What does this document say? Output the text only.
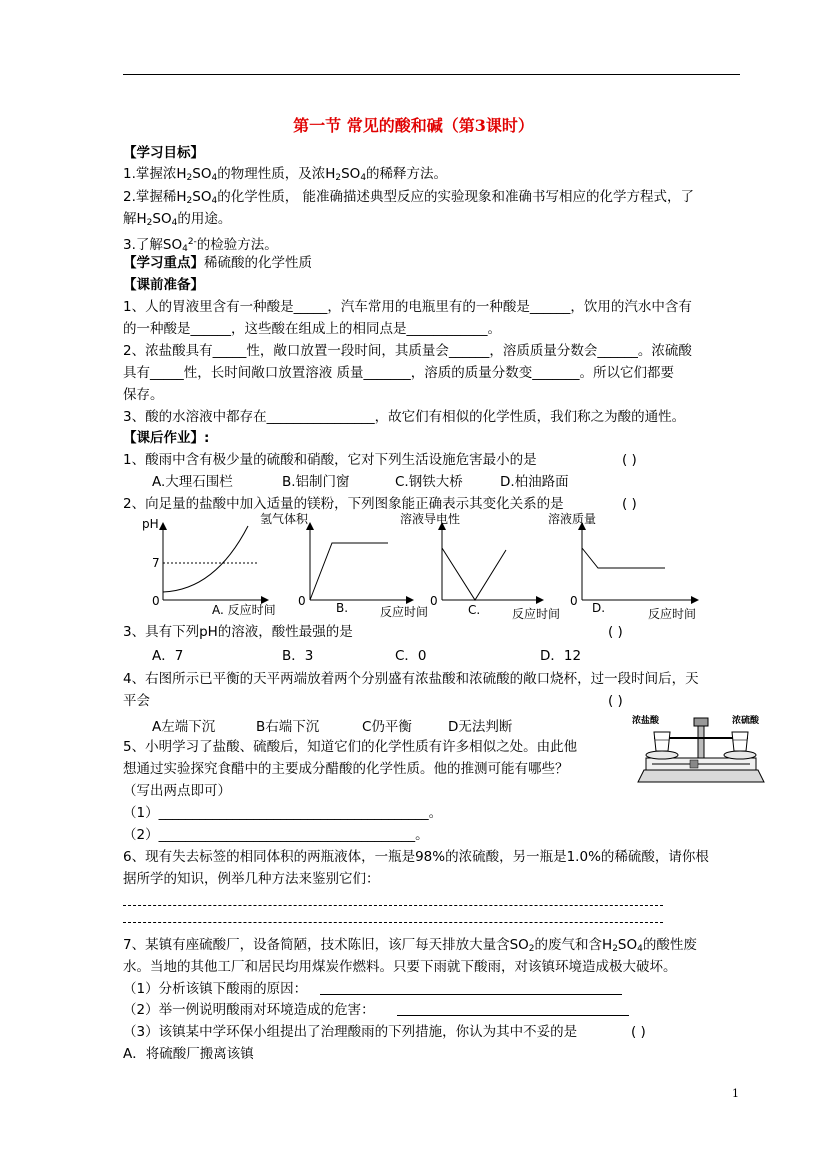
第一节 常见的酸和碱（第3课时）
【学习目标】
1.掌握浓$H_2SO_4$的物理性质，及浓$H_2SO_4$的稀释方法。
2.掌握稀$H_2SO_4$的化学性质， 能准确描述典型反应的实验现象和准确书写相应的化学方程式，了
解$H_2SO_4$的用途。
3.了解$SO_4^{2-}$的检验方法。
【学习重点】稀硫酸的化学性质
【课前准备】
1、人的胃液里含有一种酸是_____，汽车常用的电瓶里有的一种酸是______，饮用的汽水中含有
的一种酸是______，这些酸在组成上的相同点是____________。
2、浓盐酸具有_____性，敞口放置一段时间，其质量会______，溶质质量分数会______。浓硫酸
具有_____性，长时间敞口放置溶液 质量_______，溶质的质量分数变_______。所以它们都要
保存。
3、酸的水溶液中都存在________________，故它们有相似的化学性质，我们称之为酸的通性。
【课后作业】:
1、酸雨中含有极少量的硫酸和硝酸，它对下列生活设施危害最小的是	( )
A.大理石围栏	B.铝制门窗	C.钢铁大桥	D.柏油路面
2、向足量的盐酸中加入适量的镁粉，下列图象能正确表示其变化关系的是	( )
pH
7
0
A. 反应时间
氢气体积
0	B.	反应时间
溶液导电性
0
C.	反应时间
溶液质量
0 D.	反应时间
3、具有下列pH的溶液，酸性最强的是	( )
A．7	B．3	C．0	D．12
4、右图所示已平衡的天平两端放着两个分别盛有浓盐酸和浓硫酸的敞口烧杯，过一段时间后，天
平会	( )
A左端下沉	B右端下沉	C仍平衡	D无法判断	浓盐酸	浓硫酸
5、小明学习了盐酸、硫酸后，知道它们的化学性质有许多相似之处。由此他
想通过实验探究食醋中的主要成分醋酸的化学性质。他的推测可能有哪些？
（写出两点即可）
（1）________________________________________。
（2）______________________________________。
6、现有失去标签的相同体积的两瓶液体，一瓶是98%的浓硫酸，另一瓶是1.0%的稀硫酸，请你根
据所学的知识，例举几种方法来鉴别它们：
7、某镇有座硫酸厂，设备简陋，技术陈旧，该厂每天排放大量含$SO_2$的废气和含$H_2SO_4$的酸性废
水。当地的其他工厂和居民均用煤炭作燃料。只要下雨就下酸雨，对该镇环境造成极大破坏。
（1）分析该镇下酸雨的原因：
（2）举一例说明酸雨对环境造成的危害：
（3）该镇某中学环保小组提出了治理酸雨的下列措施，你认为其中不妥的是	( )
A．将硫酸厂搬离该镇
1
